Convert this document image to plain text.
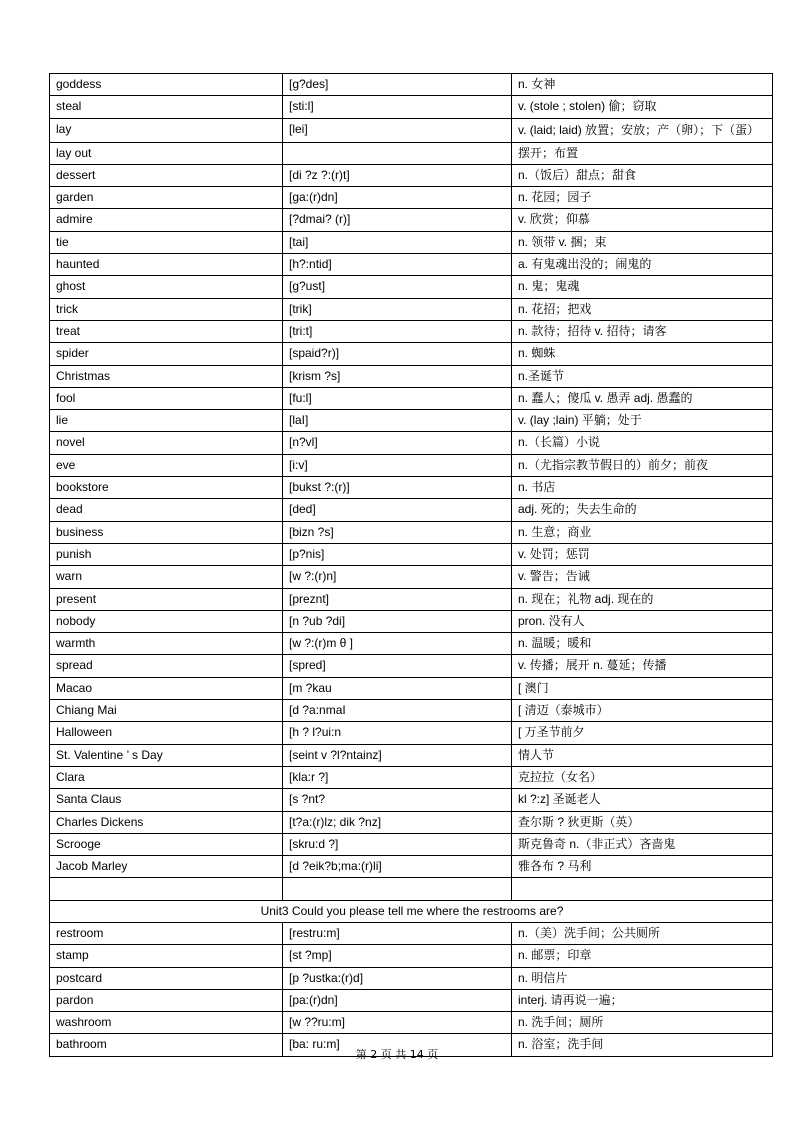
goddess	[g?des]	n. 女神
steal	[sti:l]	v. (stole ; stolen) 偷；窃取
lay	[lei]	v. (laid; laid) 放置；安放；产（卵）；下（蛋）
lay out		摆开；布置
dessert	[di ?z ?:(r)t]	n.（饭后）甜点；甜食
garden	[ga:(r)dn]	n. 花园；园子
admire	[?dmai? (r)]	v. 欣赏；仰慕
tie	[tai]	n. 领带 v. 捆；束
haunted	[h?:ntid]	a. 有鬼魂出没的；闹鬼的
ghost	[g?ust]	n. 鬼；鬼魂
trick	[trik]	n. 花招；把戏
treat	[tri:t]	n. 款待；招待 v. 招待；请客
spider	[spaid?r)]	n. 蜘蛛
Christmas	[krism ?s]	n.圣诞节
fool	[fu:l]	n. 蠢人；傻瓜 v. 愚弄 adj. 愚蠢的
lie	[laI]	v. (lay ;lain) 平躺；处于
novel	[n?vl]	n.（长篇）小说
eve	[i:v]	n.（尤指宗教节假日的）前夕；前夜
bookstore	[bukst ?:(r)]	n. 书店
dead	[ded]	adj. 死的；失去生命的
business	[bizn ?s]	n. 生意；商业
punish	[p?nis]	v. 处罚；惩罚
warn	[w ?:(r)n]	v. 警告；告诫
present	[preznt]	n. 现在；礼物 adj. 现在的
nobody	[n ?ub ?di]	pron. 没有人
warmth	[w ?:(r)m θ ]	n. 温暖；暖和
spread	[spred]	v. 传播；展开 n. 蔓延；传播
Macao	[m ?kau	[ 澳门
Chiang Mai	[d ?a:nmaI	[ 清迈（泰城市）
Halloween	[h ? l?ui:n	[ 万圣节前夕
St. Valentine ’ s Day	[seint v ?l?ntainz]	情人节
Clara	[kla:r ?]	克拉拉（女名）
Santa Claus	[s ?nt?	kl ?:z] 圣诞老人
Charles Dickens	[t?a:(r)lz; dik ?nz]	查尔斯 ? 狄更斯（英）
Scrooge	[skru:d ?]	斯克鲁奇 n.（非正式）吝啬鬼
Jacob Marley	[d ?eik?b;ma:(r)li]	雅各布 ? 马利

Unit3 Could you please tell me where the restrooms are?		
restroom	[restru:m]	n.（美）洗手间；公共厕所
stamp	[st ?mp]	n. 邮票；印章
postcard	[p ?ustka:(r)d]	n. 明信片
pardon	[pa:(r)dn]	interj. 请再说一遍；
washroom	[w ??ru:m]	n. 洗手间；厕所
bathroom	[ba: ru:m]	n. 浴室；洗手间
第 2 页 共 14 页
